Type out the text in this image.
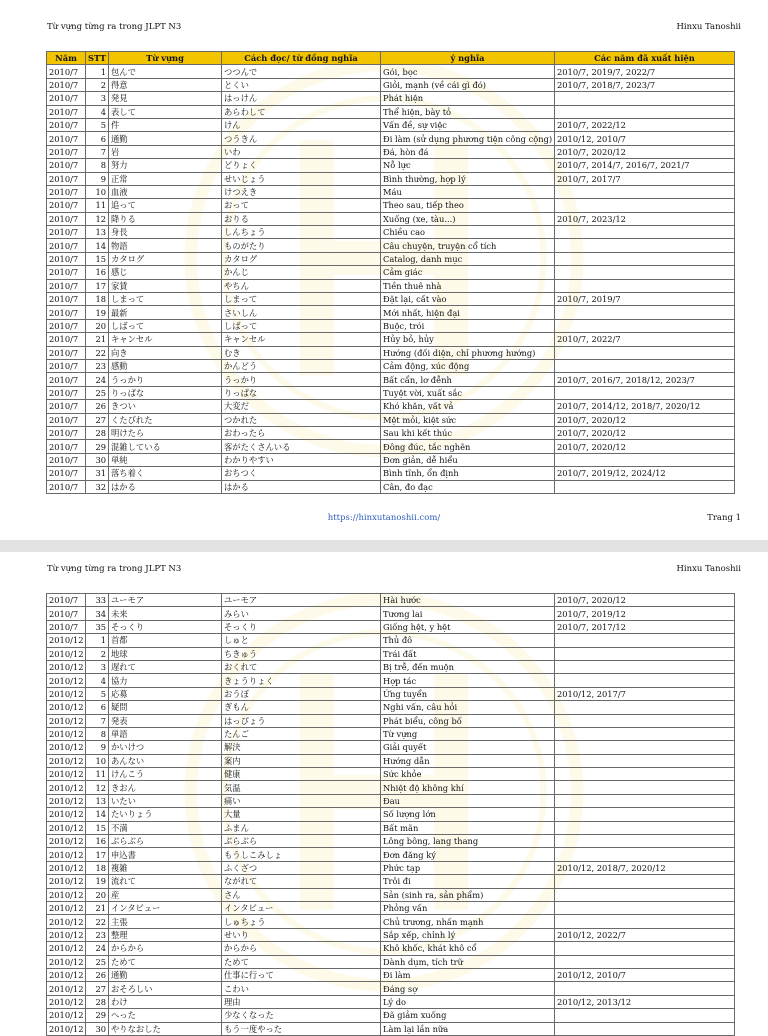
Từ vựng từng ra trong JLPT N3	Hinxu Tanoshii
Năm	STT	Từ vựng	Cách đọc/ từ đồng nghĩa	ý nghĩa	Các năm đã xuất hiện
2010/7	1	包んで	つつんで	Gói, bọc	2010/7, 2019/7, 2022/7
2010/7	2	得意	とくい	Giỏi, mạnh (về cái gì đó)	2010/7, 2018/7, 2023/7
2010/7	3	発見	はっけん	Phát hiện	
2010/7	4	表して	あらわして	Thể hiện, bày tỏ	
2010/7	5	件	けん	Vấn đề, sự việc	2010/7, 2022/12
2010/7	6	通勤	つうきん	Đi làm (sử dụng phương tiện công cộng)	2010/12, 2010/7
2010/7	7	岩	いわ	Đá, hòn đá	2010/7, 2020/12
2010/7	8	努力	どりょく	Nỗ lực	2010/7, 2014/7, 2016/7, 2021/7
2010/7	9	正常	せいじょう	Bình thường, hợp lý	2010/7, 2017/7
2010/7	10	血液	けつえき	Máu	
2010/7	11	追って	おって	Theo sau, tiếp theo	
2010/7	12	降りる	おりる	Xuống (xe, tàu...)	2010/7, 2023/12
2010/7	13	身長	しんちょう	Chiều cao	
2010/7	14	物語	ものがたり	Câu chuyện, truyện cổ tích	
2010/7	15	カタログ	カタログ	Catalog, danh mục	
2010/7	16	感じ	かんじ	Cảm giác	
2010/7	17	家賃	やちん	Tiền thuê nhà	
2010/7	18	しまって	しまって	Đặt lại, cất vào	2010/7, 2019/7
2010/7	19	最新	さいしん	Mới nhất, hiện đại	
2010/7	20	しばって	しばって	Buộc, trói	
2010/7	21	キャンセル	キャンセル	Hủy bỏ, hủy	2010/7, 2022/7
2010/7	22	向き	むき	Hướng (đối diện, chỉ phương hướng)	
2010/7	23	感動	かんどう	Cảm động, xúc động	
2010/7	24	うっかり	うっかり	Bất cẩn, lơ đễnh	2010/7, 2016/7, 2018/12, 2023/7
2010/7	25	りっぱな	りっぱな	Tuyệt vời, xuất sắc	
2010/7	26	きつい	大変だ	Khó khăn, vất vả	2010/7, 2014/12, 2018/7, 2020/12
2010/7	27	くたびれた	つかれた	Mệt mỏi, kiệt sức	2010/7, 2020/12
2010/7	28	明けたら	おわったら	Sau khi kết thúc	2010/7, 2020/12
2010/7	29	混雑している	客がたくさんいる	Đông đúc, tắc nghẽn	2010/7, 2020/12
2010/7	30	単純	わかりやすい	Đơn giản, dễ hiểu	
2010/7	31	落ち着く	おちつく	Bình tĩnh, ổn định	2010/7, 2019/12, 2024/12
2010/7	32	はかる	はかる	Cân, đo đạc	
https://hinxutanoshii.com/	Trang 1
Từ vựng từng ra trong JLPT N3	Hinxu Tanoshii
2010/7	33	ユーモア	ユーモア	Hài hước	2010/7, 2020/12
2010/7	34	未来	みらい	Tương lai	2010/7, 2019/12
2010/7	35	そっくり	そっくり	Giống hệt, y hệt	2010/7, 2017/12
2010/12	1	首都	しゅと	Thủ đô	
2010/12	2	地球	ちきゅう	Trái đất	
2010/12	3	遅れて	おくれて	Bị trễ, đến muộn	
2010/12	4	協力	きょうりょく	Hợp tác	
2010/12	5	応募	おうぼ	Ứng tuyển	2010/12, 2017/7
2010/12	6	疑問	ぎもん	Nghi vấn, câu hỏi	
2010/12	7	発表	はっぴょう	Phát biểu, công bố	
2010/12	8	単語	たんご	Từ vựng	
2010/12	9	かいけつ	解決	Giải quyết	
2010/12	10	あんない	案内	Hướng dẫn	
2010/12	11	けんこう	健康	Sức khỏe	
2010/12	12	きおん	気温	Nhiệt độ không khí	
2010/12	13	いたい	痛い	Đau	
2010/12	14	たいりょう	大量	Số lượng lớn	
2010/12	15	不満	ふまん	Bất mãn	
2010/12	16	ぶらぶら	ぶらぶら	Lông bông, lang thang	
2010/12	17	申込書	もうしこみしょ	Đơn đăng ký	
2010/12	18	複雑	ふくざつ	Phức tạp	2010/12, 2018/7, 2020/12
2010/12	19	流れて	ながれて	Trôi đi	
2010/12	20	産	さん	Sản (sinh ra, sản phẩm)	
2010/12	21	インタビュー	インタビュー	Phỏng vấn	
2010/12	22	主張	しゅちょう	Chủ trương, nhấn mạnh	
2010/12	23	整理	せいり	Sắp xếp, chỉnh lý	2010/12, 2022/7
2010/12	24	からから	からから	Khô khốc, khát khô cổ	
2010/12	25	ためて	ためて	Dành dụm, tích trữ	
2010/12	26	通勤	仕事に行って	Đi làm	2010/12, 2010/7
2010/12	27	おそろしい	こわい	Đáng sợ	
2010/12	28	わけ	理由	Lý do	2010/12, 2013/12
2010/12	29	へった	少なくなった	Đã giảm xuống	
2010/12	30	やりなおした	もう一度やった	Làm lại lần nữa	
